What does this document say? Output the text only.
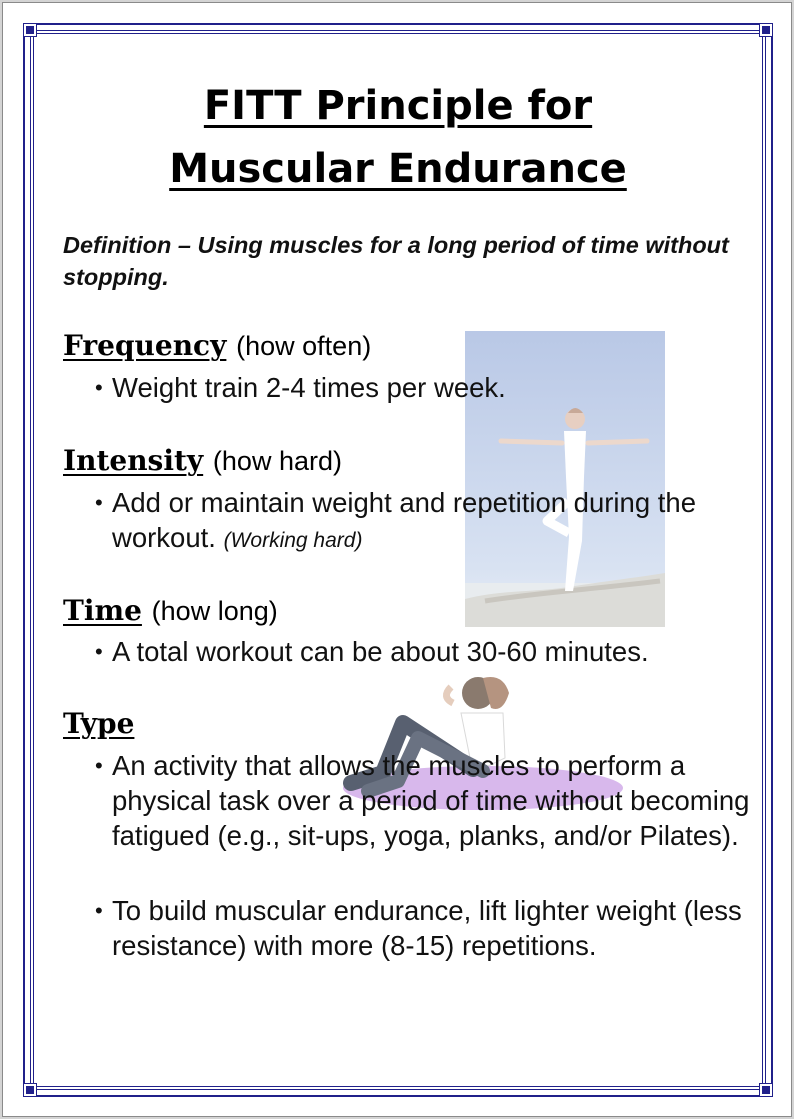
FITT Principle for
Muscular Endurance
Definition – Using muscles for a long period of time without stopping.
Frequency (how often)
• Weight train 2-4 times per week.
Intensity (how hard)
• Add or maintain weight and repetition during the workout. (Working hard)
Time (how long)
• A total workout can be about 30-60 minutes.
Type
• An activity that allows the muscles to perform a physical task over a period of time without becoming fatigued (e.g., sit-ups, yoga, planks, and/or Pilates).
• To build muscular endurance, lift lighter weight (less resistance) with more (8-15) repetitions.
